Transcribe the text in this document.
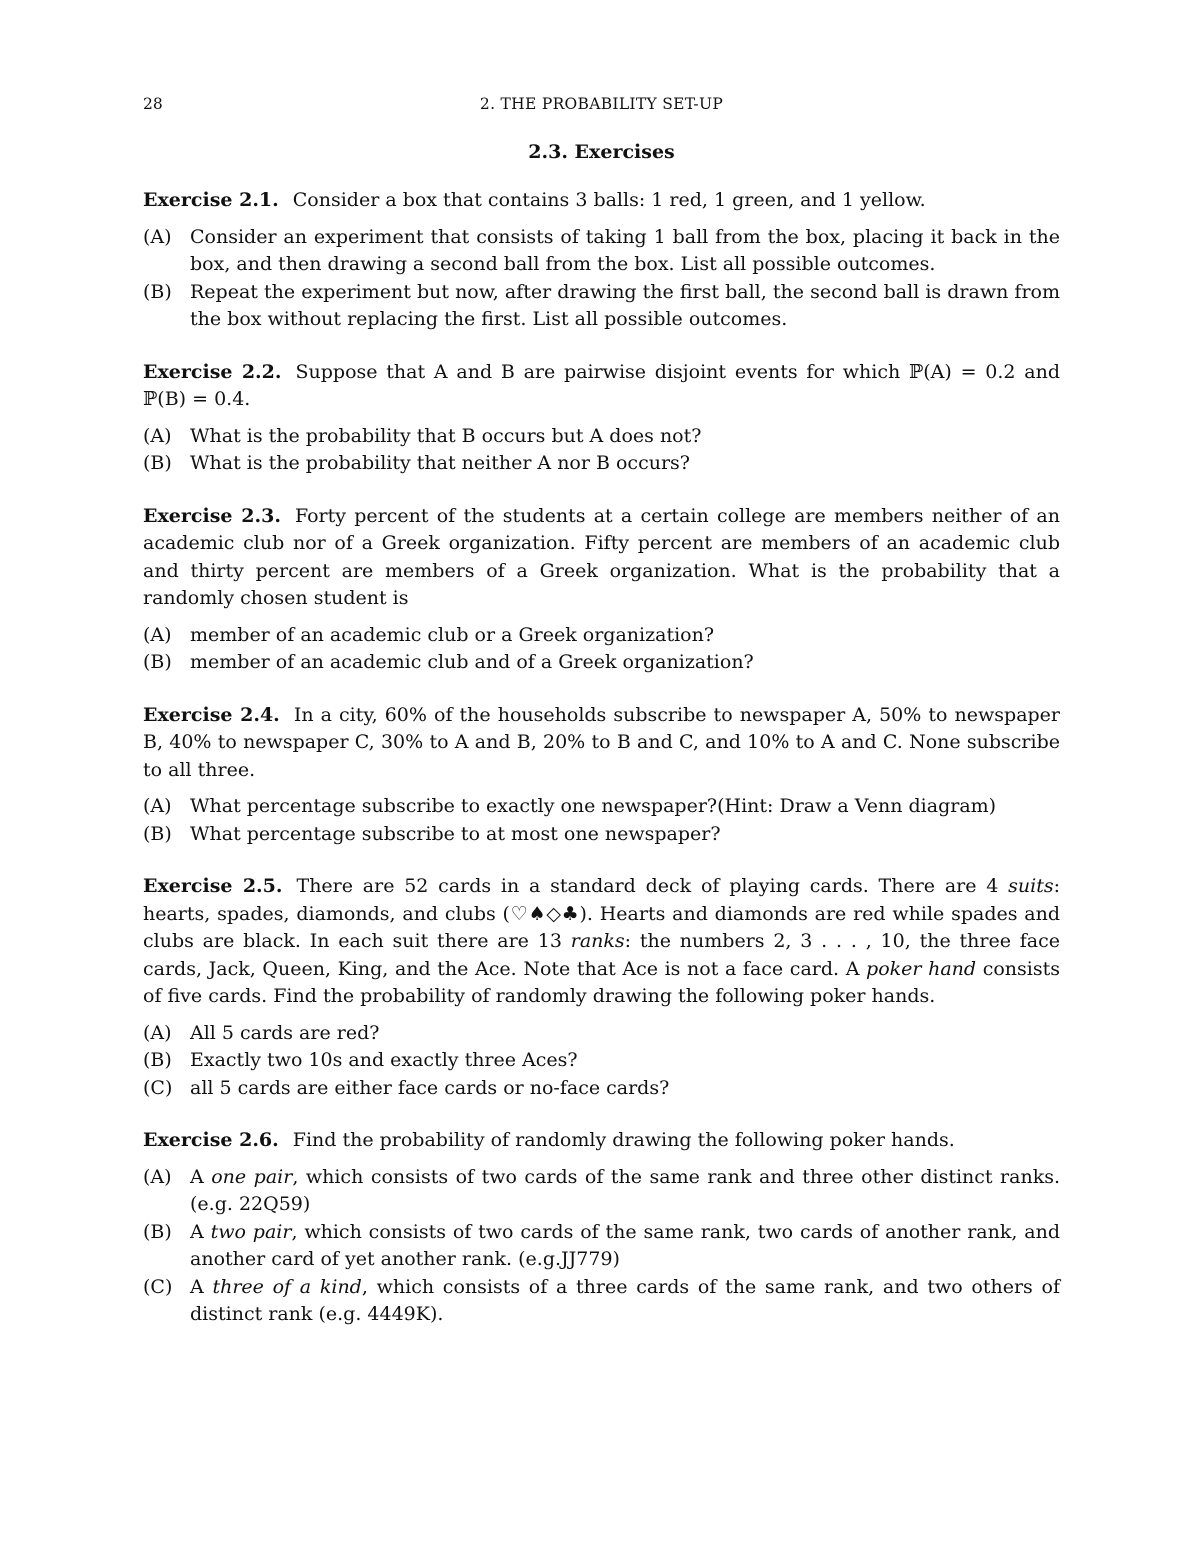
28	2. THE PROBABILITY SET-UP
2.3. Exercises

Exercise 2.1. Consider a box that contains 3 balls: 1 red, 1 green, and 1 yellow.

(A) Consider an experiment that consists of taking 1 ball from the box, placing it back in the box, and then drawing a second ball from the box. List all possible outcomes.
(B) Repeat the experiment but now, after drawing the first ball, the second ball is drawn from the box without replacing the first. List all possible outcomes.

Exercise 2.2. Suppose that A and B are pairwise disjoint events for which ℙ(A) = 0.2 and ℙ(B) = 0.4.

(A) What is the probability that B occurs but A does not?
(B) What is the probability that neither A nor B occurs?

Exercise 2.3. Forty percent of the students at a certain college are members neither of an academic club nor of a Greek organization. Fifty percent are members of an academic club and thirty percent are members of a Greek organization. What is the probability that a randomly chosen student is

(A) member of an academic club or a Greek organization?
(B) member of an academic club and of a Greek organization?

Exercise 2.4. In a city, 60% of the households subscribe to newspaper A, 50% to newspaper B, 40% to newspaper C, 30% to A and B, 20% to B and C, and 10% to A and C. None subscribe to all three.

(A) What percentage subscribe to exactly one newspaper?(Hint: Draw a Venn diagram)
(B) What percentage subscribe to at most one newspaper?

Exercise 2.5. There are 52 cards in a standard deck of playing cards. There are 4 suits: hearts, spades, diamonds, and clubs (♡♠◇♣). Hearts and diamonds are red while spades and clubs are black. In each suit there are 13 ranks: the numbers 2, 3 . . . , 10, the three face cards, Jack, Queen, King, and the Ace. Note that Ace is not a face card. A poker hand consists of five cards. Find the probability of randomly drawing the following poker hands.

(A) All 5 cards are red?
(B) Exactly two 10s and exactly three Aces?
(C) all 5 cards are either face cards or no-face cards?

Exercise 2.6. Find the probability of randomly drawing the following poker hands.

(A) A one pair, which consists of two cards of the same rank and three other distinct ranks. (e.g. 22Q59)
(B) A two pair, which consists of two cards of the same rank, two cards of another rank, and another card of yet another rank. (e.g.JJ779)
(C) A three of a kind, which consists of a three cards of the same rank, and two others of distinct rank (e.g. 4449K).
